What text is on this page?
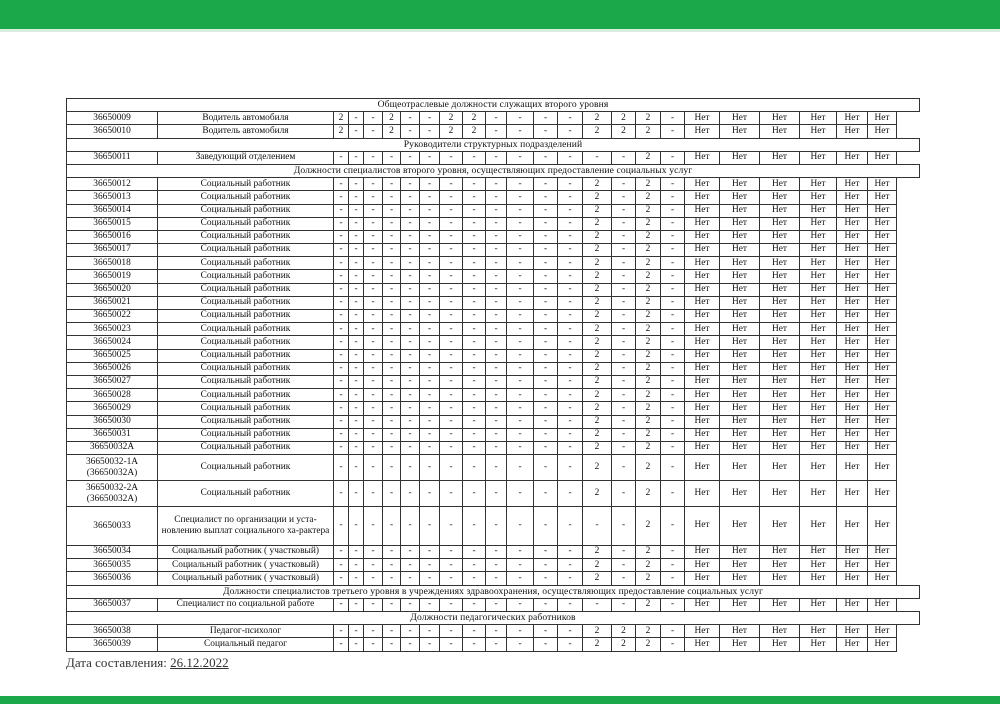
Общеотраслевые должности служащих второго уровня																							
36650009	Водитель автомобиля	2	-	-	2	-	-	2	2	-	-	-	-	2	2	2	-	Нет	Нет	Нет	Нет	Нет	Нет
36650010	Водитель автомобиля	2	-	-	2	-	-	2	2	-	-	-	-	2	2	2	-	Нет	Нет	Нет	Нет	Нет	Нет
Руководители структурных подразделений																							
36650011	Заведующий отделением	-	-	-	-	-	-	-	-	-	-	-	-	-	-	2	-	Нет	Нет	Нет	Нет	Нет	Нет
Должности специалистов второго уровня, осуществляющих предоставление социальных услуг																							
36650012	Социальный работник	-	-	-	-	-	-	-	-	-	-	-	-	2	-	2	-	Нет	Нет	Нет	Нет	Нет	Нет
36650013	Социальный работник	-	-	-	-	-	-	-	-	-	-	-	-	2	-	2	-	Нет	Нет	Нет	Нет	Нет	Нет
36650014	Социальный работник	-	-	-	-	-	-	-	-	-	-	-	-	2	-	2	-	Нет	Нет	Нет	Нет	Нет	Нет
36650015	Социальный работник	-	-	-	-	-	-	-	-	-	-	-	-	2	-	2	-	Нет	Нет	Нет	Нет	Нет	Нет
36650016	Социальный работник	-	-	-	-	-	-	-	-	-	-	-	-	2	-	2	-	Нет	Нет	Нет	Нет	Нет	Нет
36650017	Социальный работник	-	-	-	-	-	-	-	-	-	-	-	-	2	-	2	-	Нет	Нет	Нет	Нет	Нет	Нет
36650018	Социальный работник	-	-	-	-	-	-	-	-	-	-	-	-	2	-	2	-	Нет	Нет	Нет	Нет	Нет	Нет
36650019	Социальный работник	-	-	-	-	-	-	-	-	-	-	-	-	2	-	2	-	Нет	Нет	Нет	Нет	Нет	Нет
36650020	Социальный работник	-	-	-	-	-	-	-	-	-	-	-	-	2	-	2	-	Нет	Нет	Нет	Нет	Нет	Нет
36650021	Социальный работник	-	-	-	-	-	-	-	-	-	-	-	-	2	-	2	-	Нет	Нет	Нет	Нет	Нет	Нет
36650022	Социальный работник	-	-	-	-	-	-	-	-	-	-	-	-	2	-	2	-	Нет	Нет	Нет	Нет	Нет	Нет
36650023	Социальный работник	-	-	-	-	-	-	-	-	-	-	-	-	2	-	2	-	Нет	Нет	Нет	Нет	Нет	Нет
36650024	Социальный работник	-	-	-	-	-	-	-	-	-	-	-	-	2	-	2	-	Нет	Нет	Нет	Нет	Нет	Нет
36650025	Социальный работник	-	-	-	-	-	-	-	-	-	-	-	-	2	-	2	-	Нет	Нет	Нет	Нет	Нет	Нет
36650026	Социальный работник	-	-	-	-	-	-	-	-	-	-	-	-	2	-	2	-	Нет	Нет	Нет	Нет	Нет	Нет
36650027	Социальный работник	-	-	-	-	-	-	-	-	-	-	-	-	2	-	2	-	Нет	Нет	Нет	Нет	Нет	Нет
36650028	Социальный работник	-	-	-	-	-	-	-	-	-	-	-	-	2	-	2	-	Нет	Нет	Нет	Нет	Нет	Нет
36650029	Социальный работник	-	-	-	-	-	-	-	-	-	-	-	-	2	-	2	-	Нет	Нет	Нет	Нет	Нет	Нет
36650030	Социальный работник	-	-	-	-	-	-	-	-	-	-	-	-	2	-	2	-	Нет	Нет	Нет	Нет	Нет	Нет
36650031	Социальный работник	-	-	-	-	-	-	-	-	-	-	-	-	2	-	2	-	Нет	Нет	Нет	Нет	Нет	Нет
36650032А	Социальный работник	-	-	-	-	-	-	-	-	-	-	-	-	2	-	2	-	Нет	Нет	Нет	Нет	Нет	Нет
36650032-1А (36650032А)	Социальный работник	-	-	-	-	-	-	-	-	-	-	-	-	2	-	2	-	Нет	Нет	Нет	Нет	Нет	Нет
36650032-2А (36650032А)	Социальный работник	-	-	-	-	-	-	-	-	-	-	-	-	2	-	2	-	Нет	Нет	Нет	Нет	Нет	Нет
36650033	Специалист по организации и уста-новлению выплат социального ха-рактера	-	-	-	-	-	-	-	-	-	-	-	-	-	-	2	-	Нет	Нет	Нет	Нет	Нет	Нет
36650034	Социальный работник ( участковый)	-	-	-	-	-	-	-	-	-	-	-	-	2	-	2	-	Нет	Нет	Нет	Нет	Нет	Нет
36650035	Социальный работник ( участковый)	-	-	-	-	-	-	-	-	-	-	-	-	2	-	2	-	Нет	Нет	Нет	Нет	Нет	Нет
36650036	Социальный работник ( участковый)	-	-	-	-	-	-	-	-	-	-	-	-	2	-	2	-	Нет	Нет	Нет	Нет	Нет	Нет
Должности специалистов третьего уровня в учреждениях здравоохранения, осуществляющих предоставление социальных услуг																							
36650037	Специалист по социальной работе	-	-	-	-	-	-	-	-	-	-	-	-	-	-	2	-	Нет	Нет	Нет	Нет	Нет	Нет
Должности педагогических работников																							
36650038	Педагог-психолог	-	-	-	-	-	-	-	-	-	-	-	-	2	2	2	-	Нет	Нет	Нет	Нет	Нет	Нет
36650039	Социальный педагог	-	-	-	-	-	-	-	-	-	-	-	-	2	2	2	-	Нет	Нет	Нет	Нет	Нет	Нет
Дата составления: 26.12.2022
